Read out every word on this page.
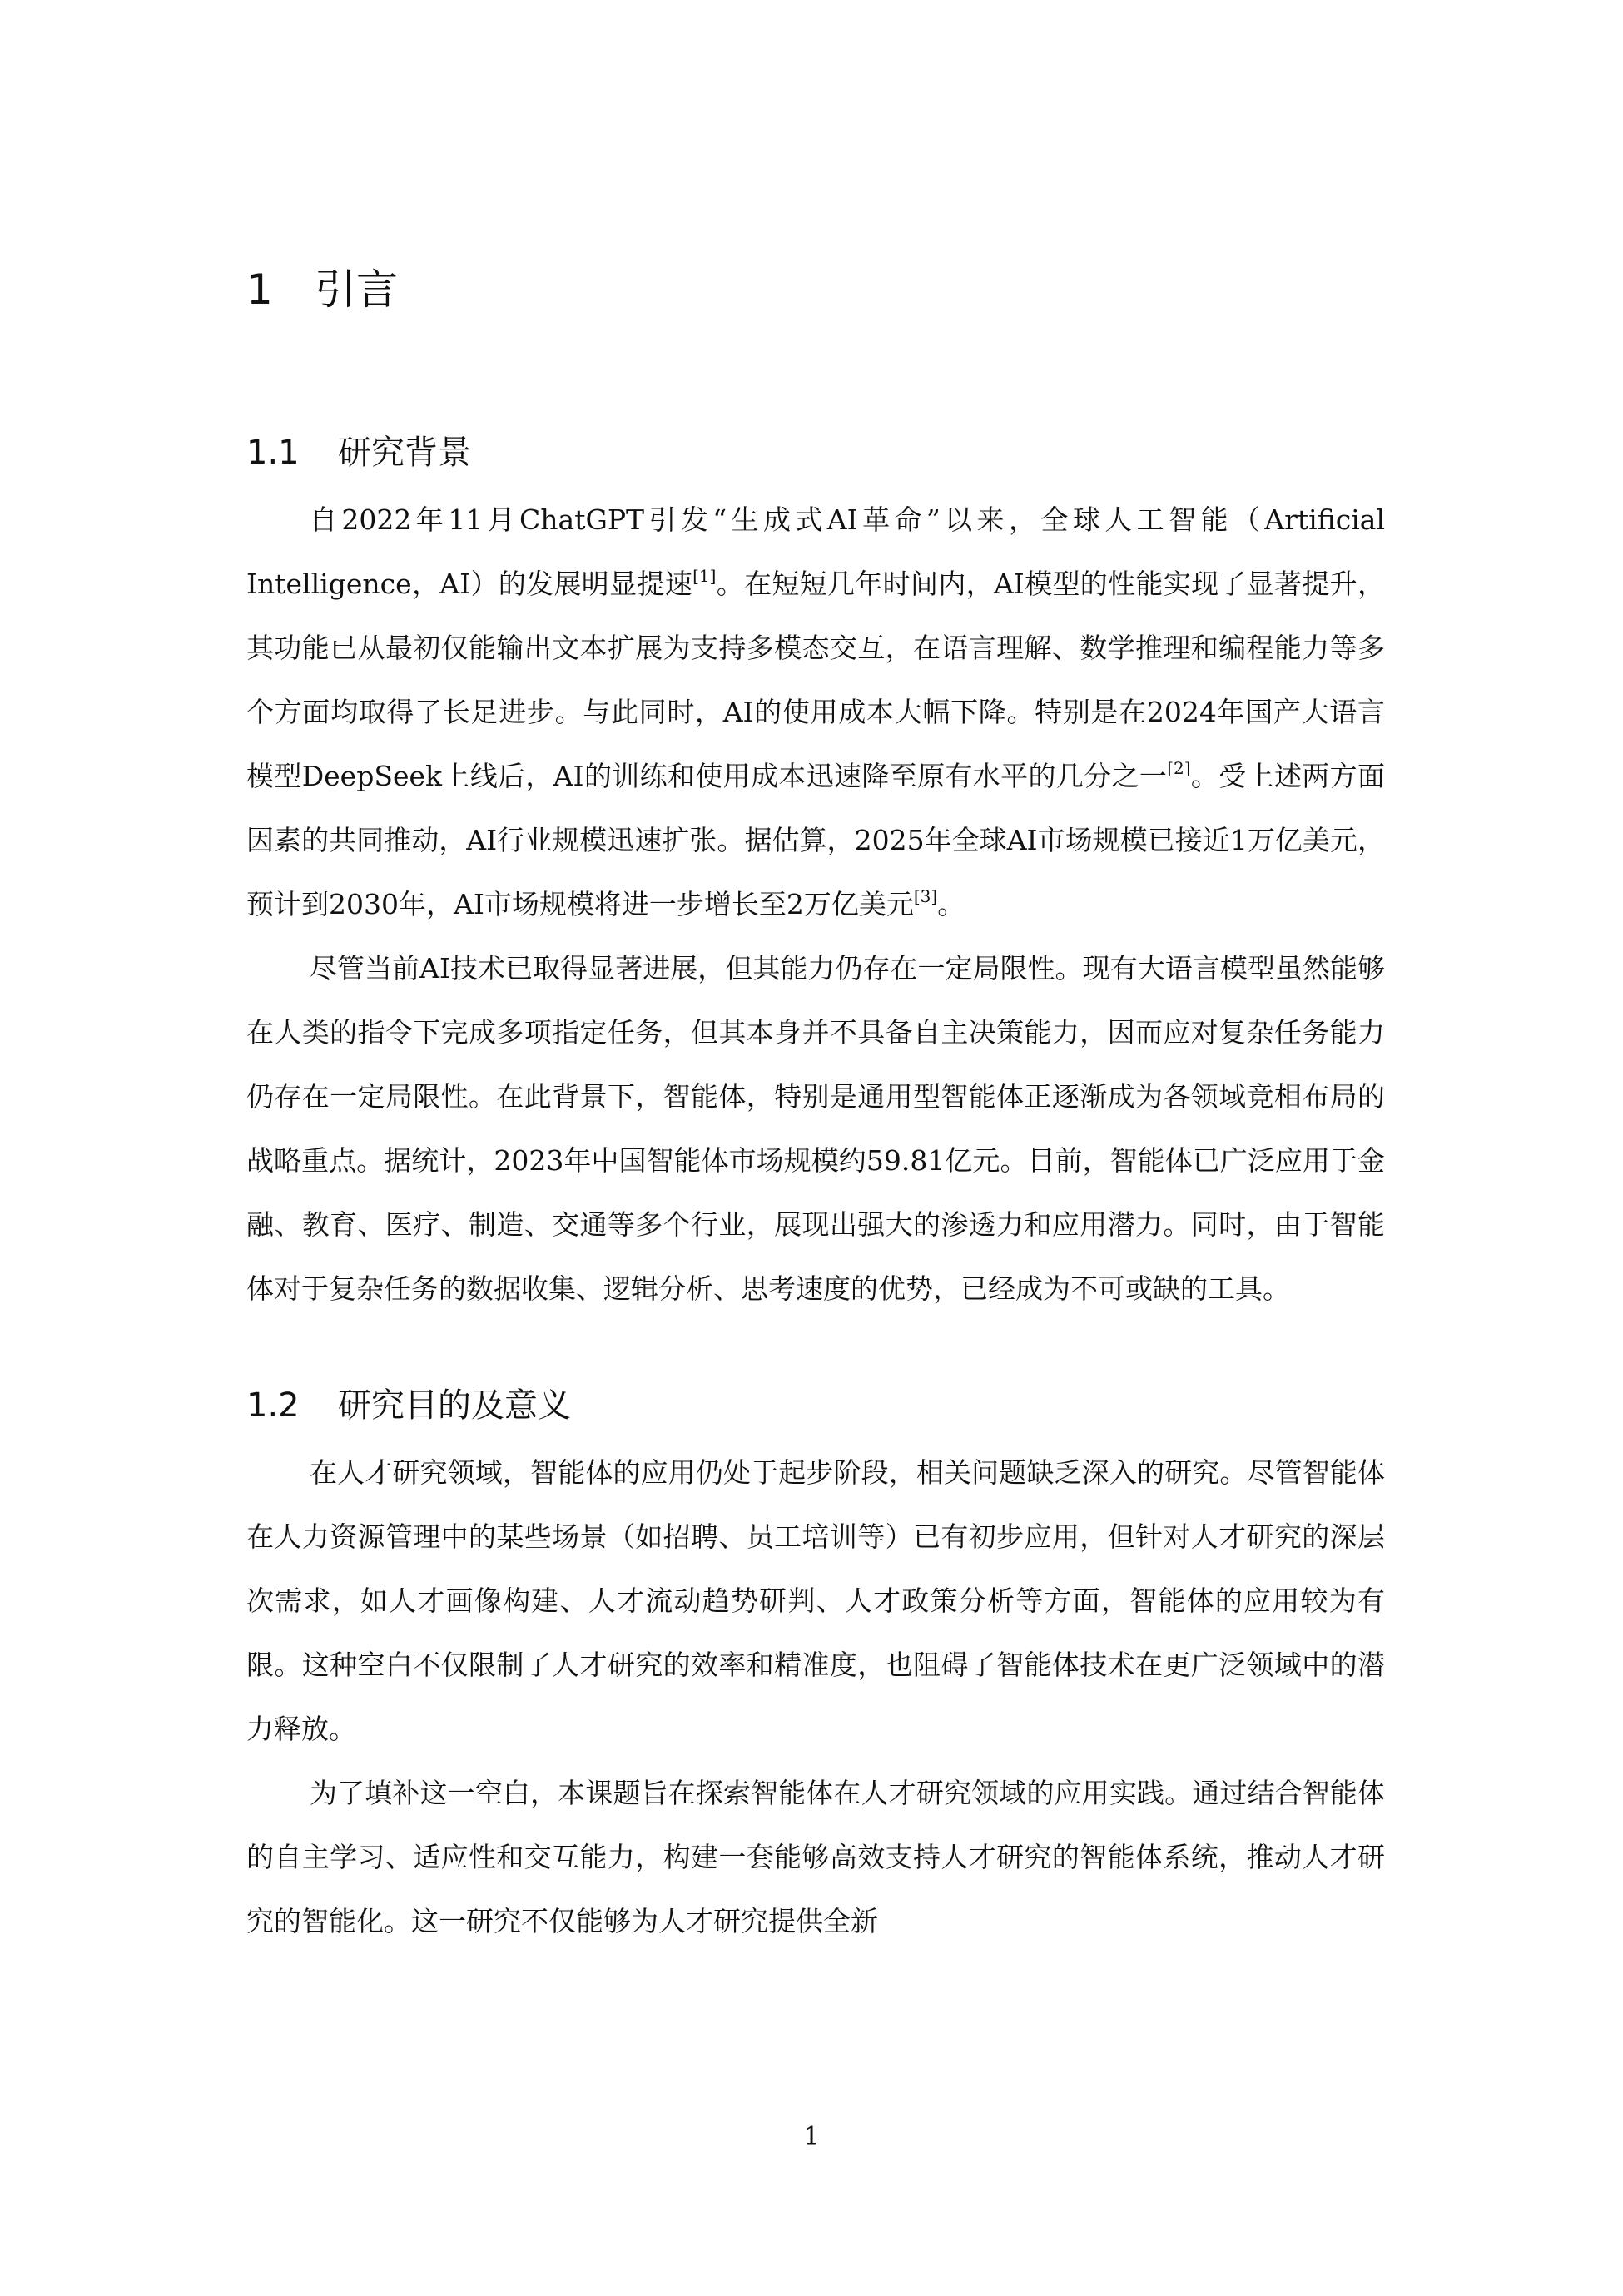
1 引言
1.1 研究背景

自2022年11月ChatGPT引发“生成式AI革命”以来，全球人工智能（Artificial Intelligence，AI）的发展明显提速[1]。在短短几年时间内，AI模型的性能实现了显著提升，其功能已从最初仅能输出文本扩展为支持多模态交互，在语言理解、数学推理和编程能力等多个方面均取得了长足进步。与此同时，AI的使用成本大幅下降。特别是在2024年国产大语言模型DeepSeek上线后，AI的训练和使用成本迅速降至原有水平的几分之一[2]。受上述两方面因素的共同推动，AI行业规模迅速扩张。据估算，2025年全球AI市场规模已接近1万亿美元，预计到2030年，AI市场规模将进一步增长至2万亿美元[3]。

尽管当前AI技术已取得显著进展，但其能力仍存在一定局限性。现有大语言模型虽然能够在人类的指令下完成多项指定任务，但其本身并不具备自主决策能力，因而应对复杂任务能力仍存在一定局限性。在此背景下，智能体，特别是通用型智能体正逐渐成为各领域竞相布局的战略重点。据统计，2023年中国智能体市场规模约59.81亿元。目前，智能体已广泛应用于金融、教育、医疗、制造、交通等多个行业，展现出强大的渗透力和应用潜力。同时，由于智能体对于复杂任务的数据收集、逻辑分析、思考速度的优势，已经成为不可或缺的工具。

1.2 研究目的及意义

在人才研究领域，智能体的应用仍处于起步阶段，相关问题缺乏深入的研究。尽管智能体在人力资源管理中的某些场景（如招聘、员工培训等）已有初步应用，但针对人才研究的深层次需求，如人才画像构建、人才流动趋势研判、人才政策分析等方面，智能体的应用较为有限。这种空白不仅限制了人才研究的效率和精准度，也阻碍了智能体技术在更广泛领域中的潜力释放。

为了填补这一空白，本课题旨在探索智能体在人才研究领域的应用实践。通过结合智能体的自主学习、适应性和交互能力，构建一套能够高效支持人才研究的智能体系统，推动人才研究的智能化。这一研究不仅能够为人才研究提供全新

1
